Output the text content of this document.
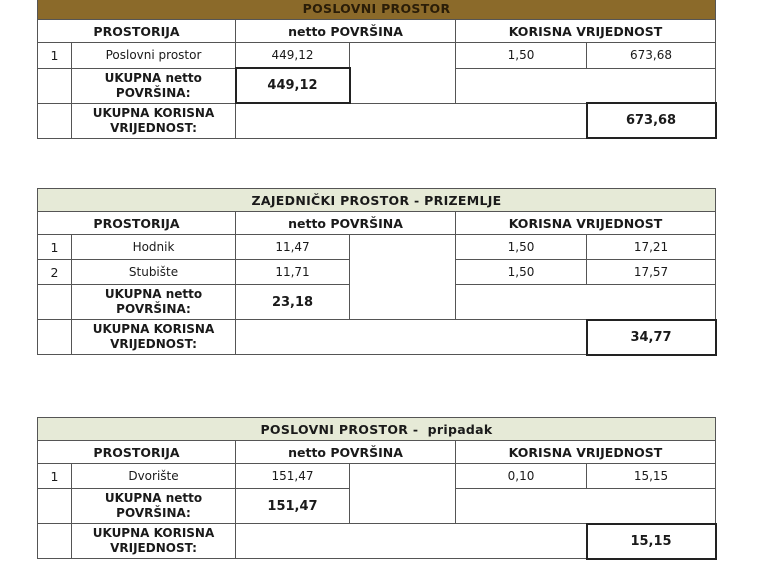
POSLOVNI PROSTOR					
PROSTORIJA		netto POVRŠINA		KORISNA VRIJEDNOST	
1	Poslovni prostor	449,12		1,50	673,68
	UKUPNA netto POVRŠINA:	449,12			
	UKUPNA KORISNA VRIJEDNOST:				673,68
ZAJEDNIČKI PROSTOR - PRIZEMLJE					
PROSTORIJA		netto POVRŠINA		KORISNA VRIJEDNOST	
1	Hodnik	11,47		1,50	17,21
2	Stubište	11,71		1,50	17,57
	UKUPNA netto POVRŠINA:	23,18			
	UKUPNA KORISNA VRIJEDNOST:				34,77
POSLOVNI PROSTOR -  pripadak					
PROSTORIJA		netto POVRŠINA		KORISNA VRIJEDNOST	
1	Dvorište	151,47		0,10	15,15
	UKUPNA netto POVRŠINA:	151,47			
	UKUPNA KORISNA VRIJEDNOST:				15,15
